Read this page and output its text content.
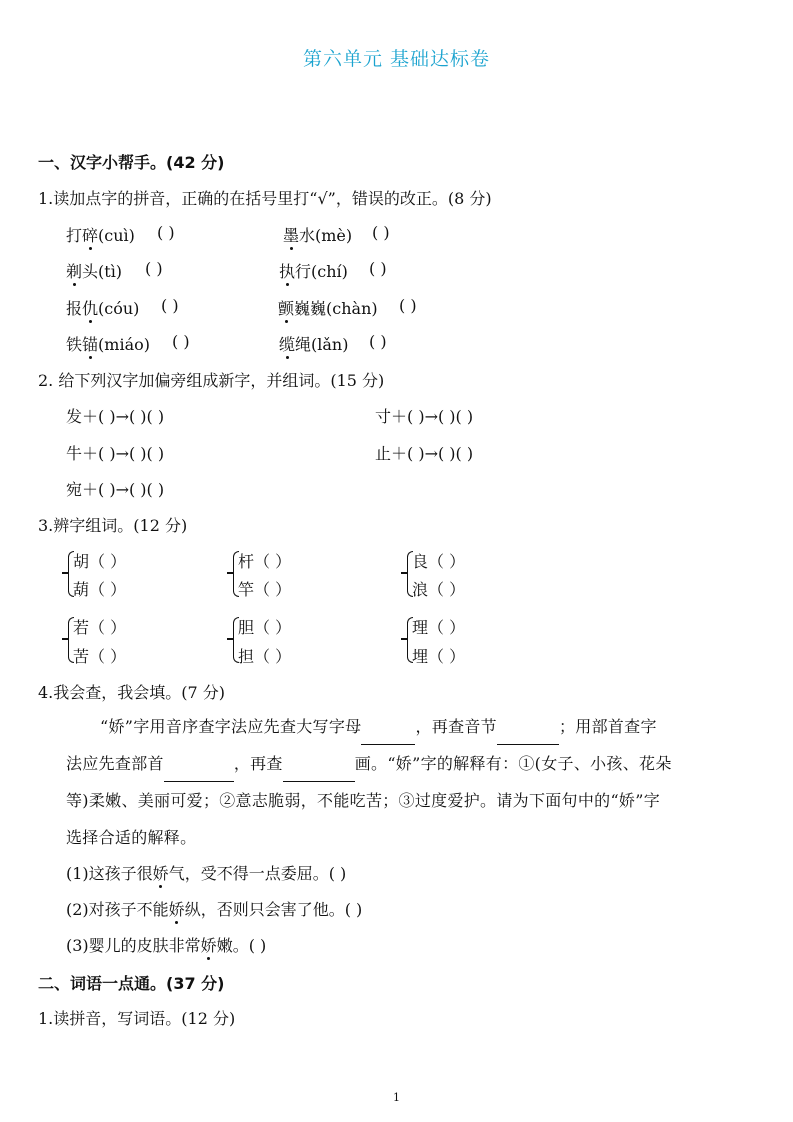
第六单元 基础达标卷
一、汉字小帮手。(42 分)
1.读加点字的拼音，正确的在括号里打“√”，错误的改正。(8 分)
打碎(cuì) ( )	墨水(mè) ( )
剃头(tì) ( )	执行(chí) ( )
报仇(cóu) ( )	颤巍巍(chàn) ( )
铁锚(miáo) ( )	缆绳(lǎn) ( )
2. 给下列汉字加偏旁组成新字，并组词。(15 分)
发＋( )→( )( )	寸＋( )→( )( )
牛＋( )→( )( )	止＋( )→( )( )
宛＋( )→( )( )
3.辨字组词。(12 分)
胡（ ）
葫（ ）
杆（ ）
竿（ ）
良（ ）
浪（ ）
若（ ）
苦（ ）
胆（ ）
担（ ）
理（ ）
埋（ ）
4.我会查，我会填。(7 分)
“娇”字用音序查字法应先查大写字母	，再查音节	；用部首查字
法应先查部首	，再查	画。“娇”字的解释有：①(女子、小孩、花朵
等)柔嫩、美丽可爱；②意志脆弱，不能吃苦；③过度爱护。请为下面句中的“娇”字
选择合适的解释。
(1)这孩子很娇气，受不得一点委屈。( )
(2)对孩子不能娇纵，否则只会害了他。( )
(3)婴儿的皮肤非常娇嫩。( )
二、词语一点通。(37 分)
1.读拼音，写词语。(12 分)
1
